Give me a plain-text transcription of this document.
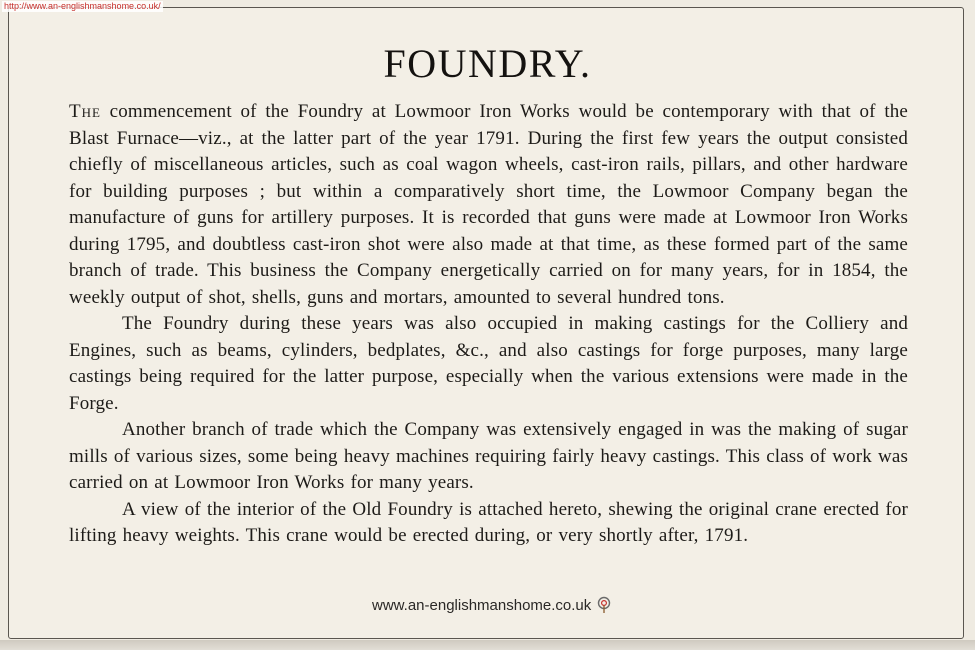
http://www.an-englishmanshome.co.uk/
FOUNDRY.

The commencement of the Foundry at Lowmoor Iron Works would be contemporary with that of the Blast Furnace—viz., at the latter part of the year 1791. During the first few years the output consisted chiefly of miscellaneous articles, such as coal wagon wheels, cast-iron rails, pillars, and other hardware for building purposes ; but within a comparatively short time, the Lowmoor Company began the manufacture of guns for artillery purposes. It is recorded that guns were made at Lowmoor Iron Works during 1795, and doubtless cast-iron shot were also made at that time, as these formed part of the same branch of trade. This business the Company energetically carried on for many years, for in 1854, the weekly output of shot, shells, guns and mortars, amounted to several hundred tons.

The Foundry during these years was also occupied in making castings for the Colliery and Engines, such as beams, cylinders, bedplates, &c., and also castings for forge purposes, many large castings being required for the latter purpose, especially when the various extensions were made in the Forge.

Another branch of trade which the Company was extensively engaged in was the making of sugar mills of various sizes, some being heavy machines requiring fairly heavy castings. This class of work was carried on at Lowmoor Iron Works for many years.

A view of the interior of the Old Foundry is attached hereto, shewing the original crane erected for lifting heavy weights. This crane would be erected during, or very shortly after, 1791.

www.an-englishmanshome.co.uk
